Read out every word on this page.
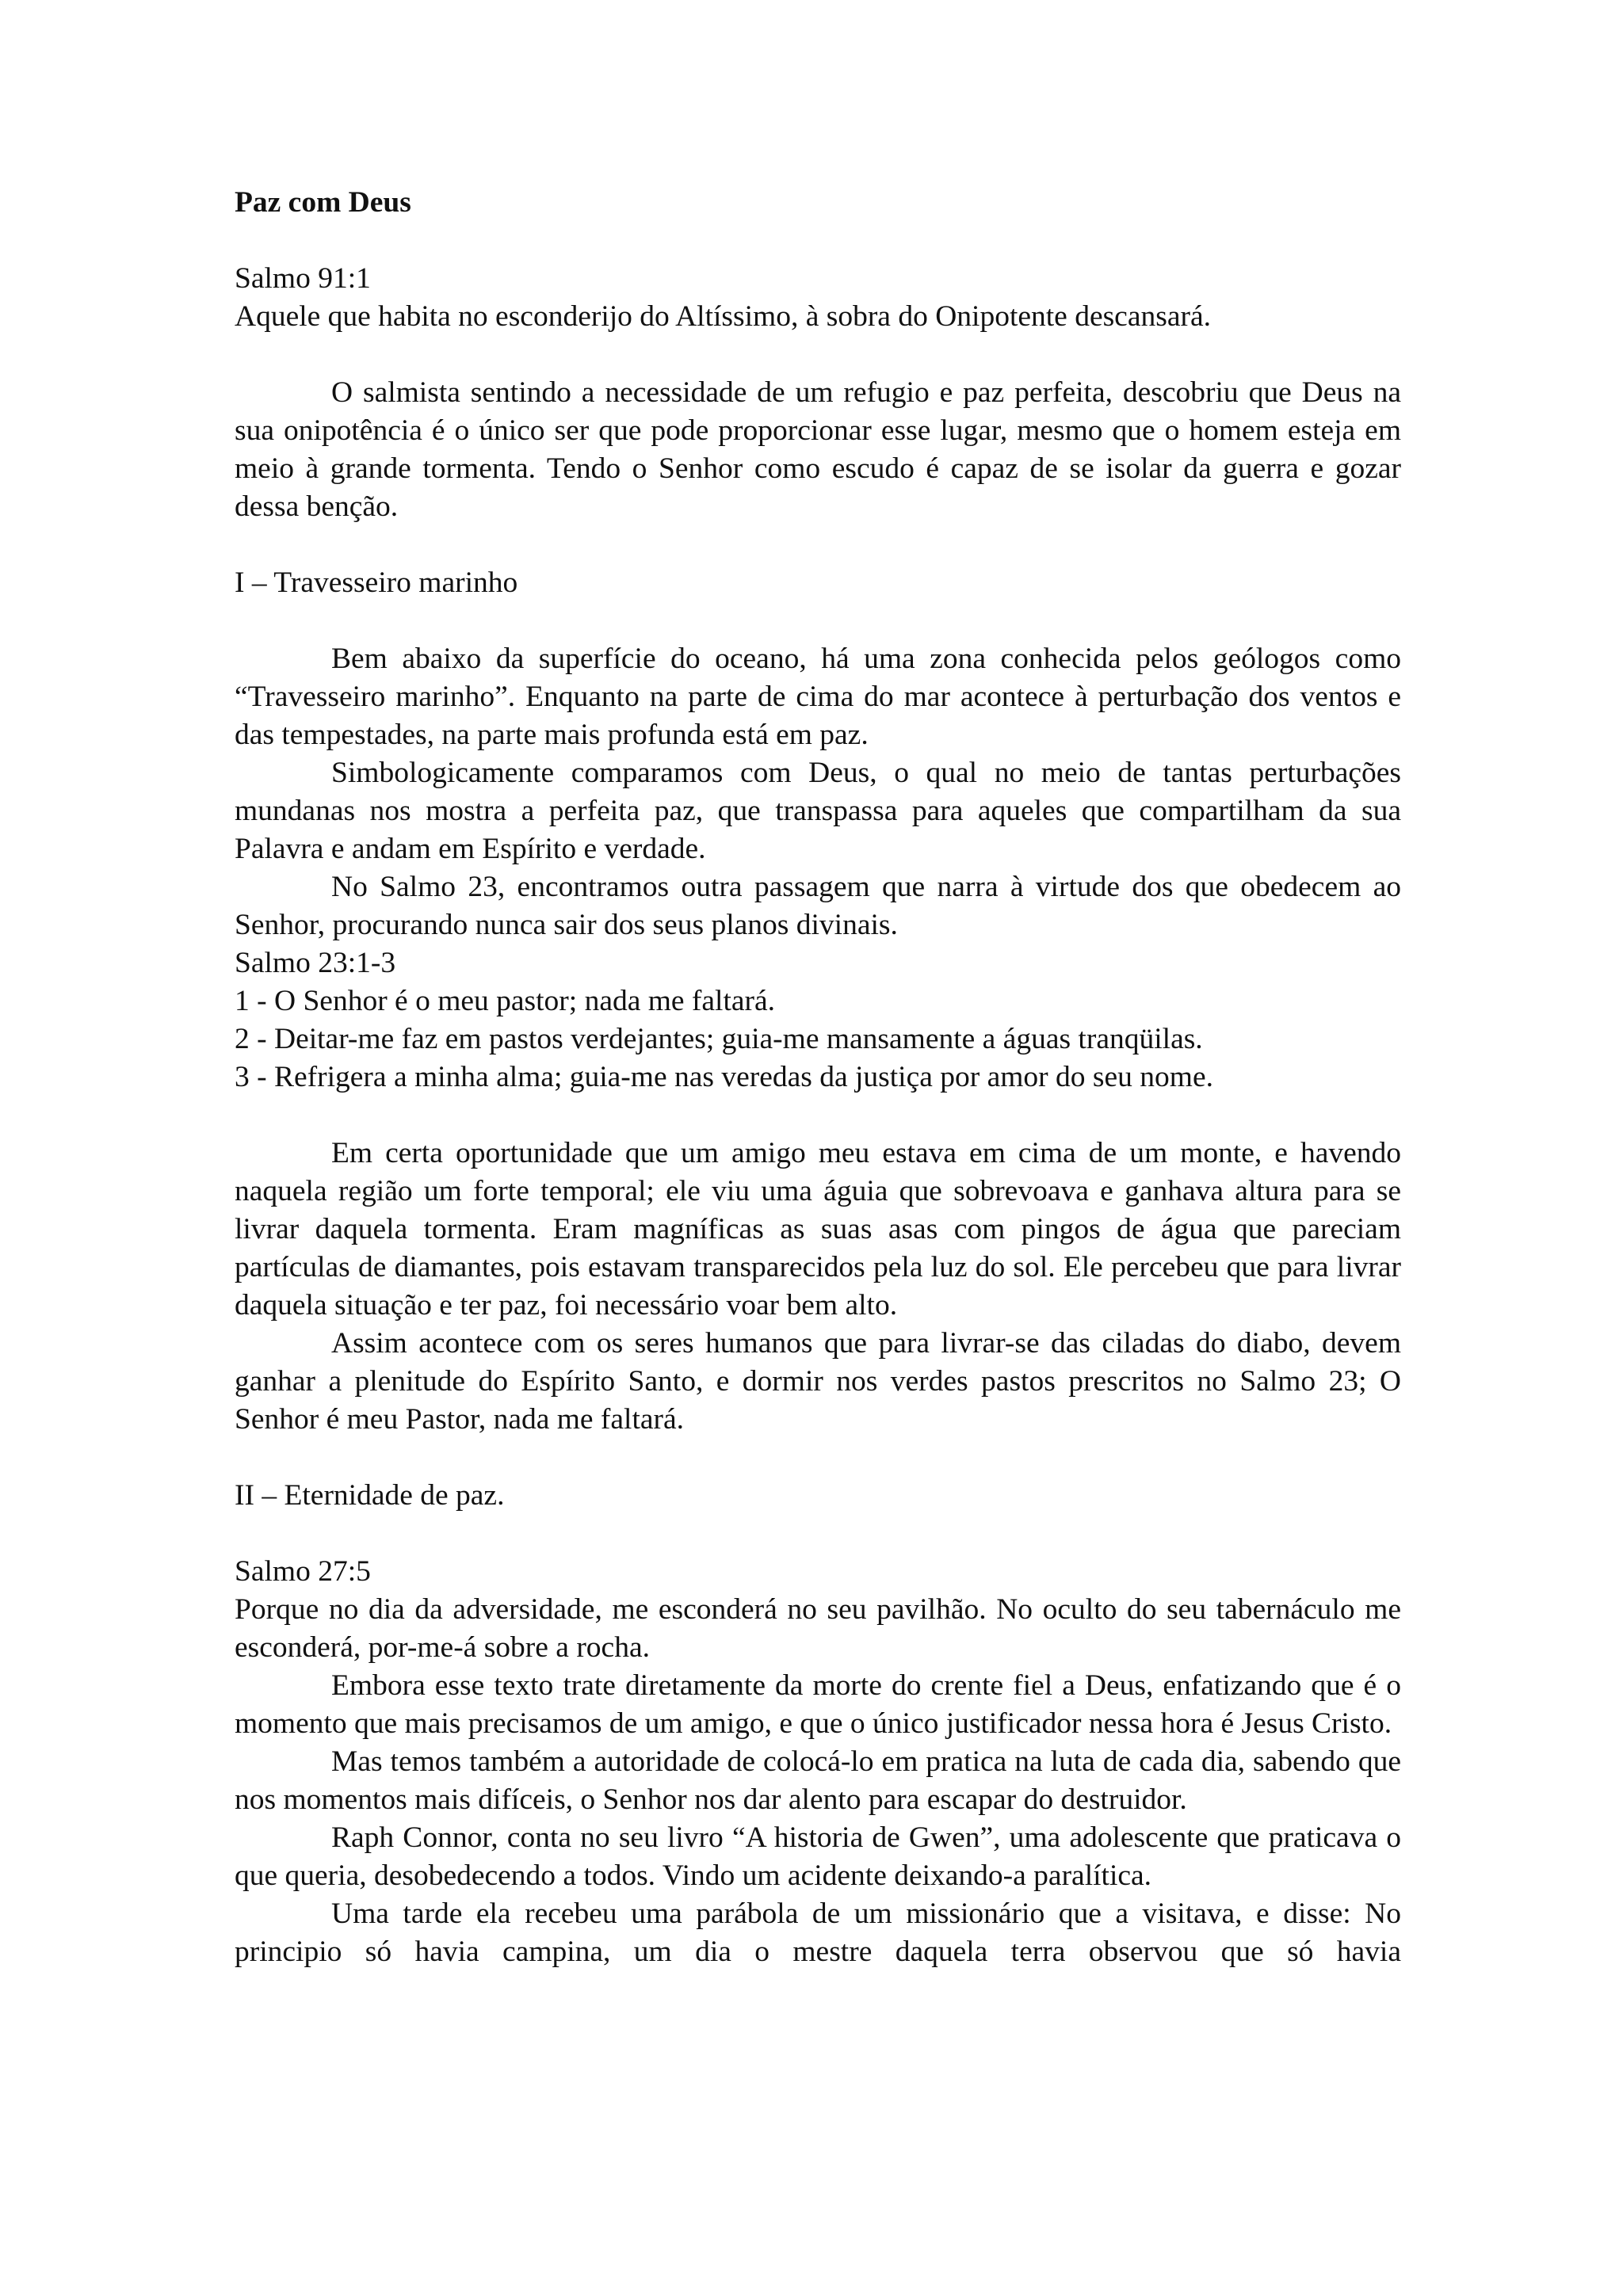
Paz com Deus

Salmo 91:1

Aquele que habita no esconderijo do Altíssimo, à sobra do Onipotente descansará.

O salmista sentindo a necessidade de um refugio e paz perfeita, descobriu que Deus na sua onipotência é o único ser que pode proporcionar esse lugar, mesmo que o homem esteja em meio à grande tormenta. Tendo o Senhor como escudo é capaz de se isolar da guerra e gozar dessa benção.

I – Travesseiro marinho

Bem abaixo da superfície do oceano, há uma zona conhecida pelos geólogos como “Travesseiro marinho”. Enquanto na parte de cima do mar acontece à perturbação dos ventos e das tempestades, na parte mais profunda está em paz.

Simbologicamente comparamos com Deus, o qual no meio de tantas perturbações mundanas nos mostra a perfeita paz, que transpassa para aqueles que compartilham da sua Palavra e andam em Espírito e verdade.

No Salmo 23, encontramos outra passagem que narra à virtude dos que obedecem ao Senhor, procurando nunca sair dos seus planos divinais.

Salmo 23:1-3

1 - O Senhor é o meu pastor; nada me faltará.

2 - Deitar-me faz em pastos verdejantes; guia-me mansamente a águas tranqüilas.

3 - Refrigera a minha alma; guia-me nas veredas da justiça por amor do seu nome.

Em certa oportunidade que um amigo meu estava em cima de um monte, e havendo naquela região um forte temporal; ele viu uma águia que sobrevoava e ganhava altura para se livrar daquela tormenta. Eram magníficas as suas asas com pingos de água que pareciam partículas de diamantes, pois estavam transparecidos pela luz do sol. Ele percebeu que para livrar daquela situação e ter paz, foi necessário voar bem alto.

Assim acontece com os seres humanos que para livrar-se das ciladas do diabo, devem ganhar a plenitude do Espírito Santo, e dormir nos verdes pastos prescritos no Salmo 23; O Senhor é meu Pastor, nada me faltará.

II – Eternidade de paz.

Salmo 27:5

Porque no dia da adversidade, me esconderá no seu pavilhão. No oculto do seu tabernáculo me esconderá, por-me-á sobre a rocha.

Embora esse texto trate diretamente da morte do crente fiel a Deus, enfatizando que é o momento que mais precisamos de um amigo, e que o único justificador nessa hora é Jesus Cristo.

Mas temos também a autoridade de colocá-lo em pratica na luta de cada dia, sabendo que nos momentos mais difíceis, o Senhor nos dar alento para escapar do destruidor.

Raph Connor, conta no seu livro “A historia de Gwen”, uma adolescente que praticava o que queria, desobedecendo a todos. Vindo um acidente deixando-a paralítica.

Uma tarde ela recebeu uma parábola de um missionário que a visitava, e disse: No principio só havia campina, um dia o mestre daquela terra observou que só havia
